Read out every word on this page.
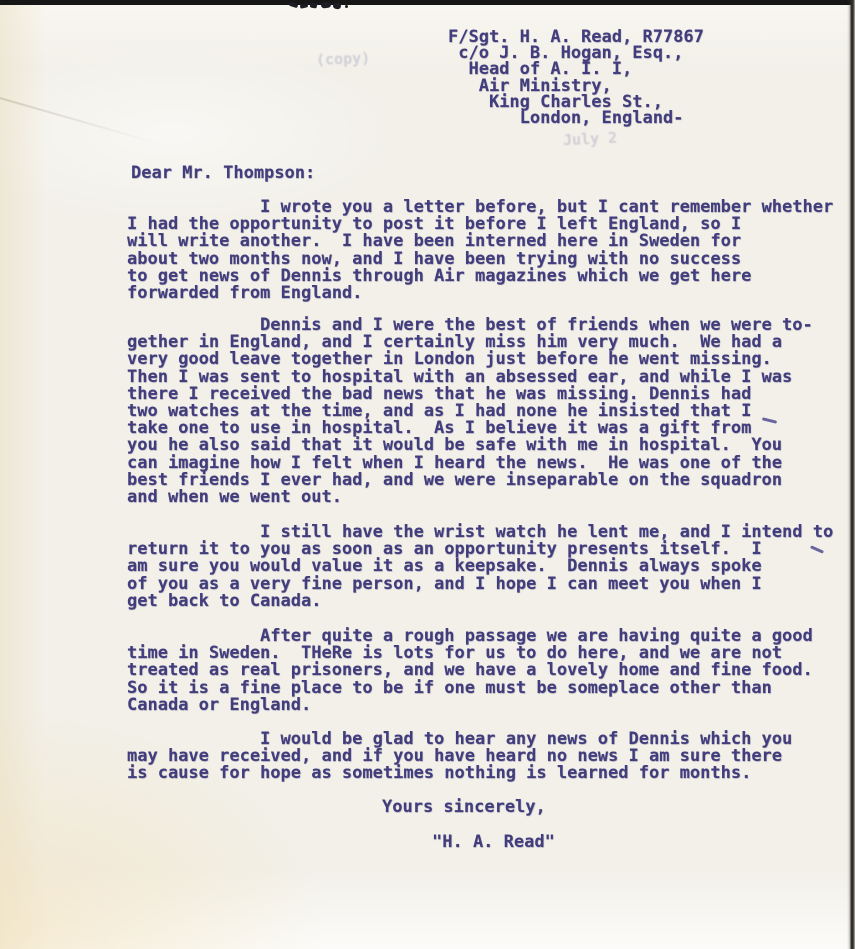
(copy)
July 2
F/Sgt. H. A. Read, R77867
c/o J. B. Hogan, Esq.,
Head of A. I. I,
Air Ministry,
King Charles St.,
London, England-
Dear Mr. Thompson:
I wrote you a letter before, but I cant remember whether
I had the opportunity to post it before I left England, so I
will write another.  I have been interned here in Sweden for
about two months now, and I have been trying with no success
to get news of Dennis through Air magazines which we get here
forwarded from England.
Dennis and I were the best of friends when we were to-
gether in England, and I certainly miss him very much.  We had a
very good leave together in London just before he went missing.
Then I was sent to hospital with an absessed ear, and while I was
there I received the bad news that he was missing. Dennis had
two watches at the time, and as I had none he insisted that I
take one to use in hospital.  As I believe it was a gift from
you he also said that it would be safe with me in hospital.  You
can imagine how I felt when I heard the news.  He was one of the
best friends I ever had, and we were inseparable on the squadron
and when we went out.
I still have the wrist watch he lent me, and I intend to
return it to you as soon as an opportunity presents itself.  I
am sure you would value it as a keepsake.  Dennis always spoke
of you as a very fine person, and I hope I can meet you when I
get back to Canada.
After quite a rough passage we are having quite a good
time in Sweden.  THeRe is lots for us to do here, and we are not
treated as real prisoners, and we have a lovely home and fine food.
So it is a fine place to be if one must be someplace other than
Canada or England.
I would be glad to hear any news of Dennis which you
may have received, and if you have heard no news I am sure there
is cause for hope as sometimes nothing is learned for months.
Yours sincerely,
"H. A. Read"
